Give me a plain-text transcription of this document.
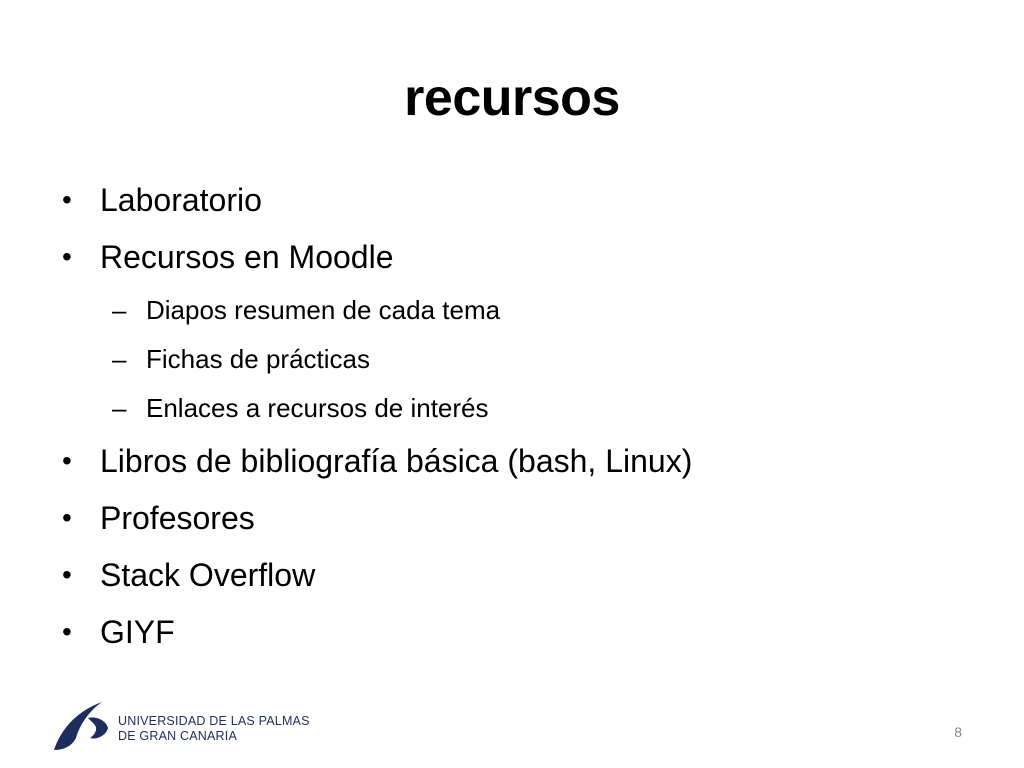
recursos
• Laboratorio
• Recursos en Moodle
– Diapos resumen de cada tema
– Fichas de prácticas
– Enlaces a recursos de interés
• Libros de bibliografía básica (bash, Linux)
• Profesores
• Stack Overflow
• GIYF
UNIVERSIDAD DE LAS PALMAS
DE GRAN CANARIA	8
